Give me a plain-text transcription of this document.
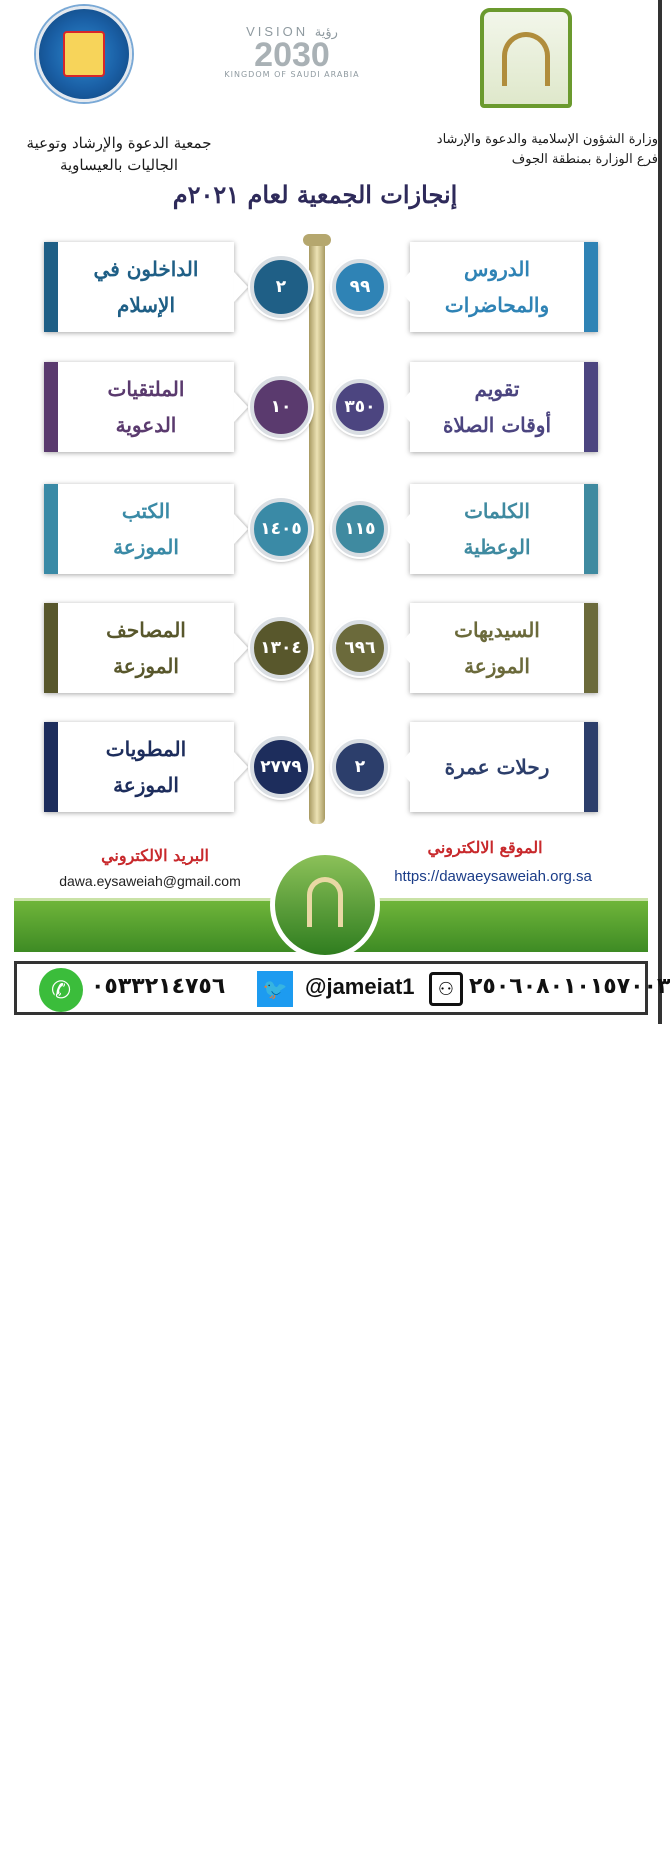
VISION رؤية
2030
KINGDOM OF SAUDI ARABIA
جمعية الدعوة والإرشاد وتوعية الجاليات بالعيساوية
وزارة الشؤون الإسلامية والدعوة والإرشاد
فرع الوزارة بمنطقة الجوف
إنجازات الجمعية لعام ٢٠٢١م
الدروس
والمحاضرات
٩٩
تقويم
أوقات الصلاة
٣٥٠
الكلمات
الوعظية
١١٥
السيديهات
الموزعة
٦٩٦
رحلات عمرة
٢
الداخلون في
الإسلام
٢
الملتقيات
الدعوية
١٠
الكتب
الموزعة
١٤٠٥
المصاحف
الموزعة
١٣٠٤
المطويات
الموزعة
٢٧٧٩
البريد الالكتروني
dawa.eysaweiah@gmail.com
الموقع الالكتروني
https://dawaeysaweiah.org.sa
⊙ ◉ ◎ SAUDI_MOIA
WWW.MOIA.GOV.SA
وزارة الشؤون الاسلامية والدعوة والارشاد
MINISTRY OF ISLAMIC AFFAIRS DAWAH AND GUIDANCE
✆ ٠٥٣٣٢١٤٧٥٦ 🐦 @jameiat1	⚇ ٢٥٠٦٠٨٠١٠١٥٧٠٠٣
